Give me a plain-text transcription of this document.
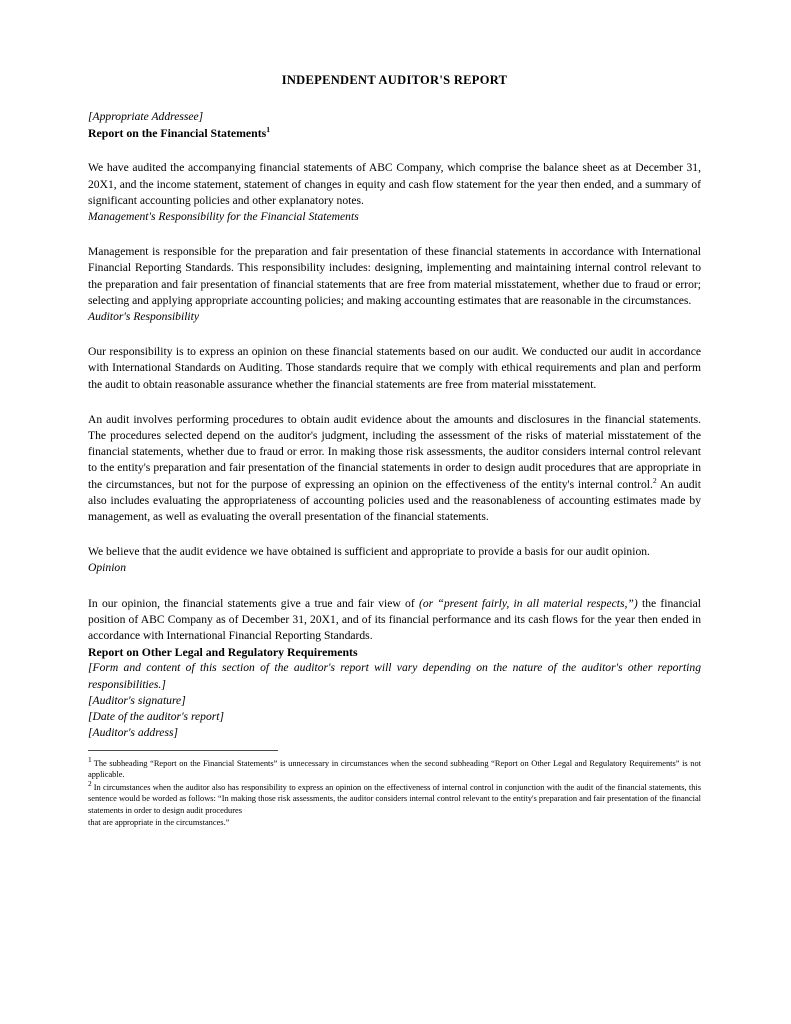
INDEPENDENT AUDITOR'S REPORT
[Appropriate Addressee]
Report on the Financial Statements$^1$

We have audited the accompanying financial statements of ABC Company, which comprise the balance sheet as at December 31, 20X1, and the income statement, statement of changes in equity and cash flow statement for the year then ended, and a summary of significant accounting policies and other explanatory notes.

Management's Responsibility for the Financial Statements

Management is responsible for the preparation and fair presentation of these financial statements in accordance with International Financial Reporting Standards. This responsibility includes: designing, implementing and maintaining internal control relevant to the preparation and fair presentation of financial statements that are free from material misstatement, whether due to fraud or error; selecting and applying appropriate accounting policies; and making accounting estimates that are reasonable in the circumstances.

Auditor's Responsibility

Our responsibility is to express an opinion on these financial statements based on our audit. We conducted our audit in accordance with International Standards on Auditing. Those standards require that we comply with ethical requirements and plan and perform the audit to obtain reasonable assurance whether the financial statements are free from material misstatement.

An audit involves performing procedures to obtain audit evidence about the amounts and disclosures in the financial statements. The procedures selected depend on the auditor's judgment, including the assessment of the risks of material misstatement of the financial statements, whether due to fraud or error. In making those risk assessments, the auditor considers internal control relevant to the entity's preparation and fair presentation of the financial statements in order to design audit procedures that are appropriate in the circumstances, but not for the purpose of expressing an opinion on the effectiveness of the entity's internal control.$^2$ An audit also includes evaluating the appropriateness of accounting policies used and the reasonableness of accounting estimates made by management, as well as evaluating the overall presentation of the financial statements.

We believe that the audit evidence we have obtained is sufficient and appropriate to provide a basis for our audit opinion.

Opinion

In our opinion, the financial statements give a true and fair view of (or “present fairly, in all material respects,”) the financial position of ABC Company as of December 31, 20X1, and of its financial performance and its cash flows for the year then ended in accordance with International Financial Reporting Standards.

Report on Other Legal and Regulatory Requirements

[Form and content of this section of the auditor's report will vary depending on the nature of the auditor's other reporting responsibilities.]

[Auditor's signature]
[Date of the auditor's report]
[Auditor's address]

1 The subheading “Report on the Financial Statements” is unnecessary in circumstances when the second subheading “Report on Other Legal and Regulatory Requirements” is not applicable.

2 In circumstances when the auditor also has responsibility to express an opinion on the effectiveness of internal control in conjunction with the audit of the financial statements, this sentence would be worded as follows: “In making those risk assessments, the auditor considers internal control relevant to the entity's preparation and fair presentation of the financial statements in order to design audit procedures

that are appropriate in the circumstances.”
